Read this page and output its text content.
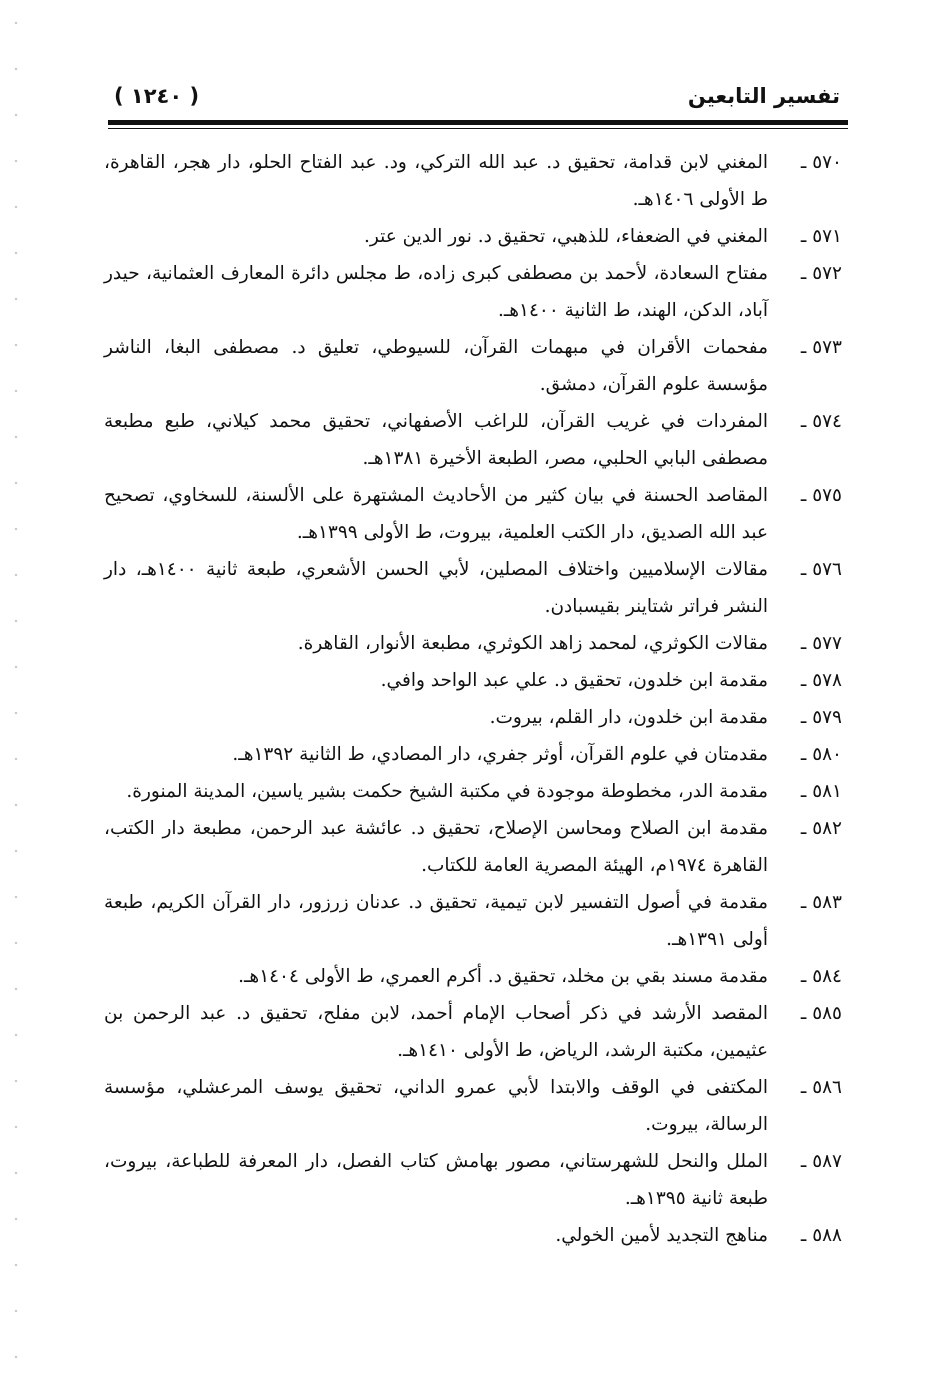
تفسير التابعين
( ١٢٤٠ )
٥٧٠ ـ
المغني لابن قدامة، تحقيق د. عبد الله التركي، ود. عبد الفتاح الحلو، دار هجر، القاهرة، ط الأولى ١٤٠٦هـ.
٥٧١ ـ
المغني في الضعفاء، للذهبي، تحقيق د. نور الدين عتر.
٥٧٢ ـ
مفتاح السعادة، لأحمد بن مصطفى كبرى زاده، ط مجلس دائرة المعارف العثمانية، حيدر آباد، الدكن، الهند، ط الثانية ١٤٠٠هـ.
٥٧٣ ـ
مفحمات الأقران في مبهمات القرآن، للسيوطي، تعليق د. مصطفى البغا، الناشر مؤسسة علوم القرآن، دمشق.
٥٧٤ ـ
المفردات في غريب القرآن، للراغب الأصفهاني، تحقيق محمد كيلاني، طبع مطبعة مصطفى البابي الحلبي، مصر، الطبعة الأخيرة ١٣٨١هـ.
٥٧٥ ـ
المقاصد الحسنة في بيان كثير من الأحاديث المشتهرة على الألسنة، للسخاوي، تصحيح عبد الله الصديق، دار الكتب العلمية، بيروت، ط الأولى ١٣٩٩هـ.
٥٧٦ ـ
مقالات الإسلاميين واختلاف المصلين، لأبي الحسن الأشعري، طبعة ثانية ١٤٠٠هـ، دار النشر فراتر شتاينر بقيسبادن.
٥٧٧ ـ
مقالات الكوثري، لمحمد زاهد الكوثري، مطبعة الأنوار، القاهرة.
٥٧٨ ـ
مقدمة ابن خلدون، تحقيق د. علي عبد الواحد وافي.
٥٧٩ ـ
مقدمة ابن خلدون، دار القلم، بيروت.
٥٨٠ ـ
مقدمتان في علوم القرآن، أوثر جفري، دار المصادي، ط الثانية ١٣٩٢هـ.
٥٨١ ـ
مقدمة الدر، مخطوطة موجودة في مكتبة الشيخ حكمت بشير ياسين، المدينة المنورة.
٥٨٢ ـ
مقدمة ابن الصلاح ومحاسن الإصلاح، تحقيق د. عائشة عبد الرحمن، مطبعة دار الكتب، القاهرة ١٩٧٤م، الهيئة المصرية العامة للكتاب.
٥٨٣ ـ
مقدمة في أصول التفسير لابن تيمية، تحقيق د. عدنان زرزور، دار القرآن الكريم، طبعة أولى ١٣٩١هـ.
٥٨٤ ـ
مقدمة مسند بقي بن مخلد، تحقيق د. أكرم العمري، ط الأولى ١٤٠٤هـ.
٥٨٥ ـ
المقصد الأرشد في ذكر أصحاب الإمام أحمد، لابن مفلح، تحقيق د. عبد الرحمن بن عثيمين، مكتبة الرشد، الرياض، ط الأولى ١٤١٠هـ.
٥٨٦ ـ
المكتفى في الوقف والابتدا لأبي عمرو الداني، تحقيق يوسف المرعشلي، مؤسسة الرسالة، بيروت.
٥٨٧ ـ
الملل والنحل للشهرستاني، مصور بهامش كتاب الفصل، دار المعرفة للطباعة، بيروت، طبعة ثانية ١٣٩٥هـ.
٥٨٨ ـ
مناهج التجديد لأمين الخولي.
